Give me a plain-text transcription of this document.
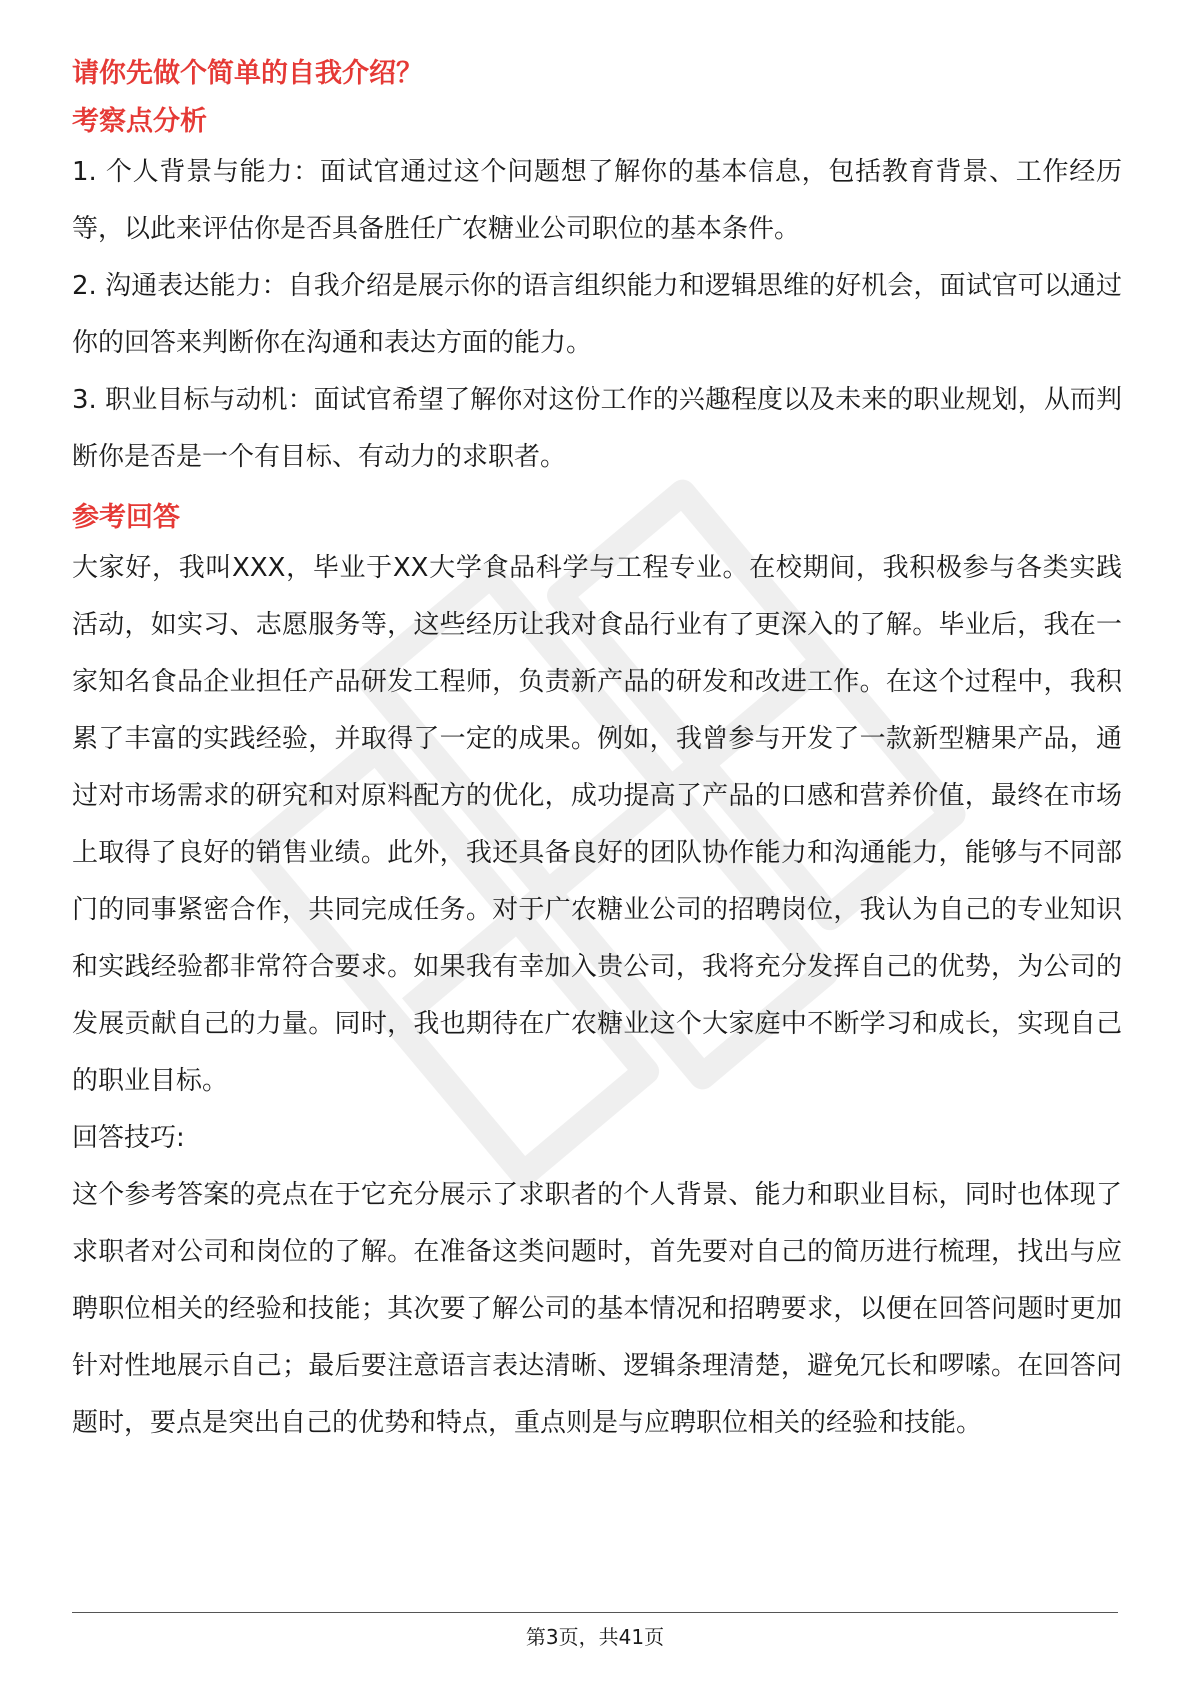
请你先做个简单的自我介绍？

考察点分析

1. 个人背景与能力：面试官通过这个问题想了解你的基本信息，包括教育背景、工作经历等，以此来评估你是否具备胜任广农糖业公司职位的基本条件。

2. 沟通表达能力：自我介绍是展示你的语言组织能力和逻辑思维的好机会，面试官可以通过你的回答来判断你在沟通和表达方面的能力。

3. 职业目标与动机：面试官希望了解你对这份工作的兴趣程度以及未来的职业规划，从而判断你是否是一个有目标、有动力的求职者。

参考回答

大家好，我叫XXX，毕业于XX大学食品科学与工程专业。在校期间，我积极参与各类实践活动，如实习、志愿服务等，这些经历让我对食品行业有了更深入的了解。毕业后，我在一家知名食品企业担任产品研发工程师，负责新产品的研发和改进工作。在这个过程中，我积累了丰富的实践经验，并取得了一定的成果。例如，我曾参与开发了一款新型糖果产品，通过对市场需求的研究和对原料配方的优化，成功提高了产品的口感和营养价值，最终在市场上取得了良好的销售业绩。此外，我还具备良好的团队协作能力和沟通能力，能够与不同部门的同事紧密合作，共同完成任务。对于广农糖业公司的招聘岗位，我认为自己的专业知识和实践经验都非常符合要求。如果我有幸加入贵公司，我将充分发挥自己的优势，为公司的发展贡献自己的力量。同时，我也期待在广农糖业这个大家庭中不断学习和成长，实现自己的职业目标。

回答技巧:

这个参考答案的亮点在于它充分展示了求职者的个人背景、能力和职业目标，同时也体现了求职者对公司和岗位的了解。在准备这类问题时，首先要对自己的简历进行梳理，找出与应聘职位相关的经验和技能；其次要了解公司的基本情况和招聘要求，以便在回答问题时更加针对性地展示自己；最后要注意语言表达清晰、逻辑条理清楚，避免冗长和啰嗦。在回答问题时，要点是突出自己的优势和特点，重点则是与应聘职位相关的经验和技能。

第3页，共41页
